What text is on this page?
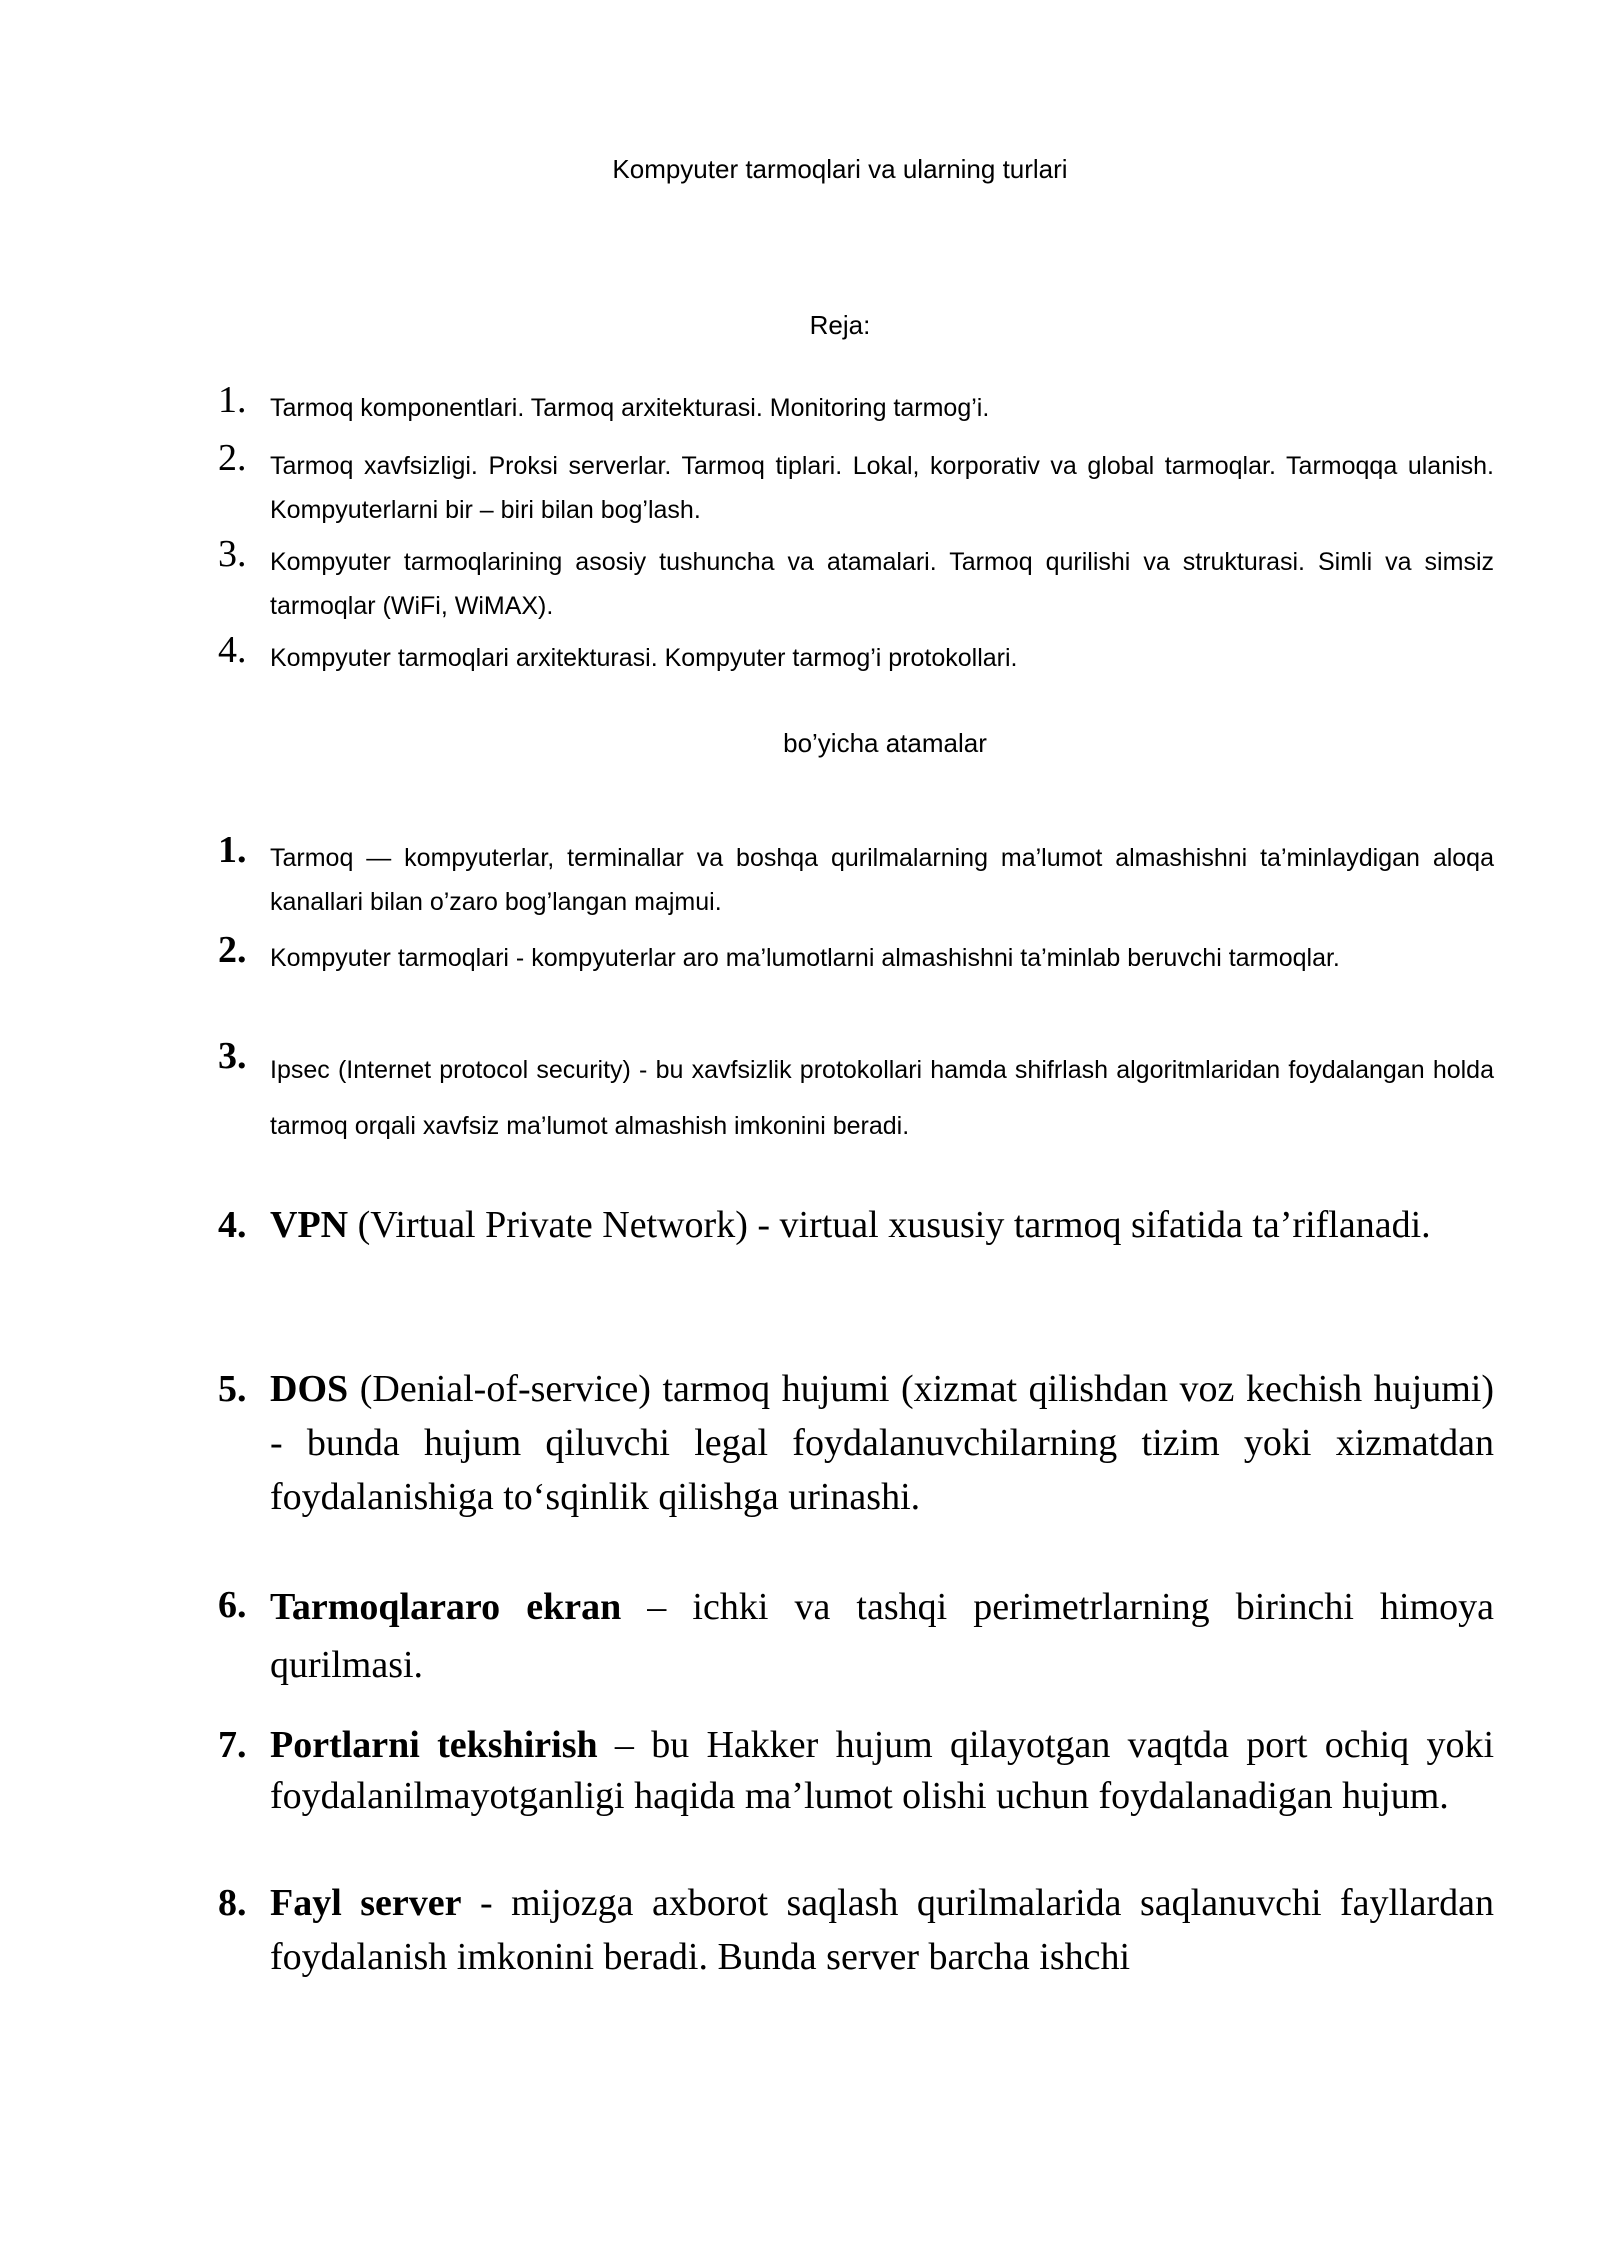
Kompyuter tarmoqlari va ularning turlari
Reja:
1. Tarmoq komponentlari. Tarmoq arxitekturasi. Monitoring tarmog’i.
2. Tarmoq xavfsizligi. Proksi serverlar. Tarmoq tiplari. Lokal, korporativ va global tarmoqlar. Tarmoqqa ulanish. Kompyuterlarni bir – biri bilan bog’lash.
3. Kompyuter tarmoqlarining asosiy tushuncha va atamalari. Tarmoq qurilishi va strukturasi. Simli va simsiz tarmoqlar (WiFi, WiMAX).
4. Kompyuter tarmoqlari arxitekturasi. Kompyuter tarmog’i protokollari.
bo’yicha atamalar
1. Tarmoq — kompyuterlar, terminallar va boshqa qurilmalarning ma’lumot almashishni ta’minlaydigan aloqa kanallari bilan o’zaro bog’langan majmui.
2. Kompyuter tarmoqlari - kompyuterlar aro ma’lumotlarni almashishni ta’minlab beruvchi tarmoqlar.
3. Ipsec (Internet protocol security) - bu xavfsizlik protokollari hamda shifrlash algoritmlaridan foydalangan holda tarmoq orqali xavfsiz ma’lumot almashish imkonini beradi.
4. VPN (Virtual Private Network) - virtual xususiy tarmoq sifatida ta’riflanadi.
5. DOS (Denial-of-service) tarmoq hujumi (xizmat qilishdan voz kechish hujumi) - bunda hujum qiluvchi legal foydalanuvchilarning tizim yoki xizmatdan foydalanishiga to‘sqinlik qilishga urinashi.
6. Tarmoqlararo ekran – ichki va tashqi perimetrlarning birinchi himoya qurilmasi.
7. Portlarni tekshirish – bu Hakker hujum qilayotgan vaqtda port ochiq yoki foydalanilmayotganligi haqida ma’lumot olishi uchun foydalanadigan hujum.
8. Fayl server - mijozga axborot saqlash qurilmalarida saqlanuvchi fayllardan foydalanish imkonini beradi. Bunda server barcha ishchi
